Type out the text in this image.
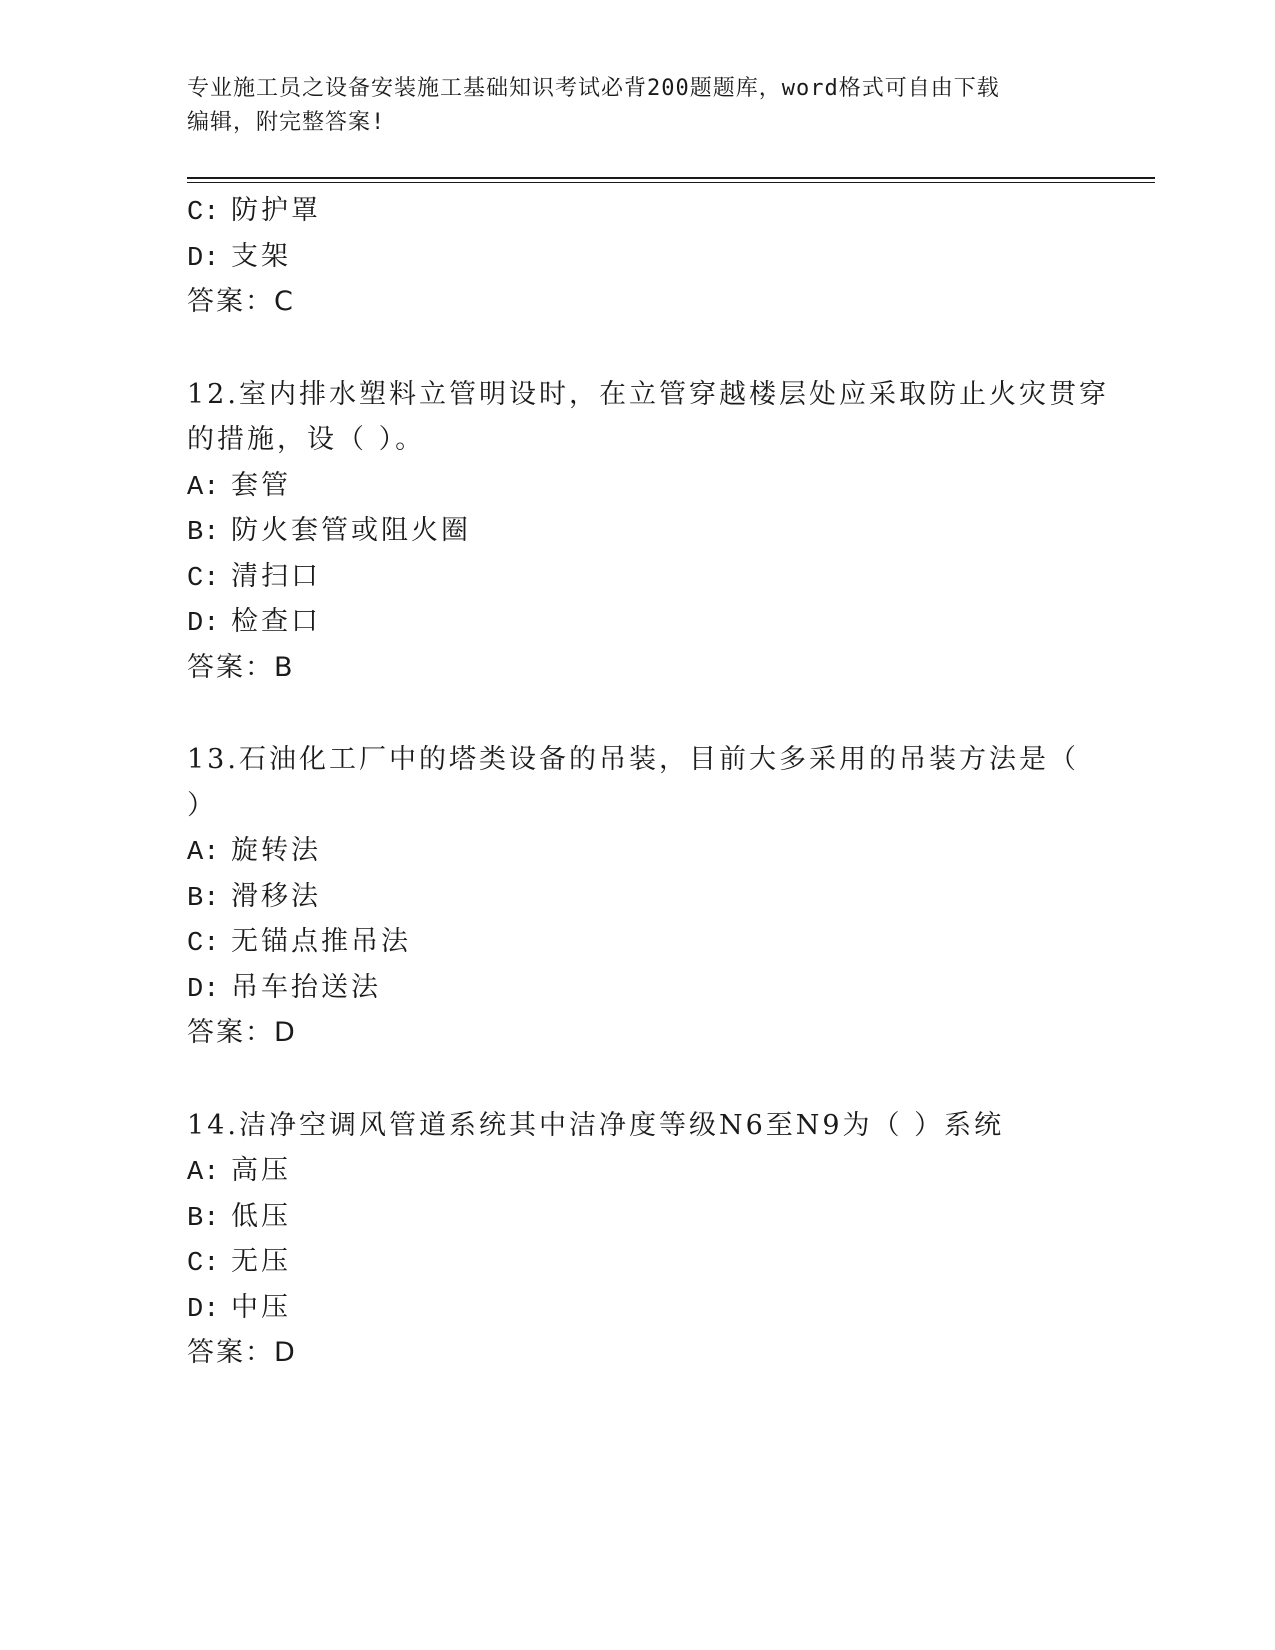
专业施工员之设备安装施工基础知识考试必背200题题库，word格式可自由下载
编辑，附完整答案!
C: 防护罩
D: 支架
答案：C
12.室内排水塑料立管明设时，在立管穿越楼层处应采取防止火灾贯穿
的措施，设（ ）。
A: 套管
B: 防火套管或阻火圈
C: 清扫口
D: 检查口
答案：B
13.石油化工厂中的塔类设备的吊装，目前大多采用的吊装方法是（
）
A: 旋转法
B: 滑移法
C: 无锚点推吊法
D: 吊车抬送法
答案：D
14.洁净空调风管道系统其中洁净度等级N6至N9为（ ）系统
A: 高压
B: 低压
C: 无压
D: 中压
答案：D
